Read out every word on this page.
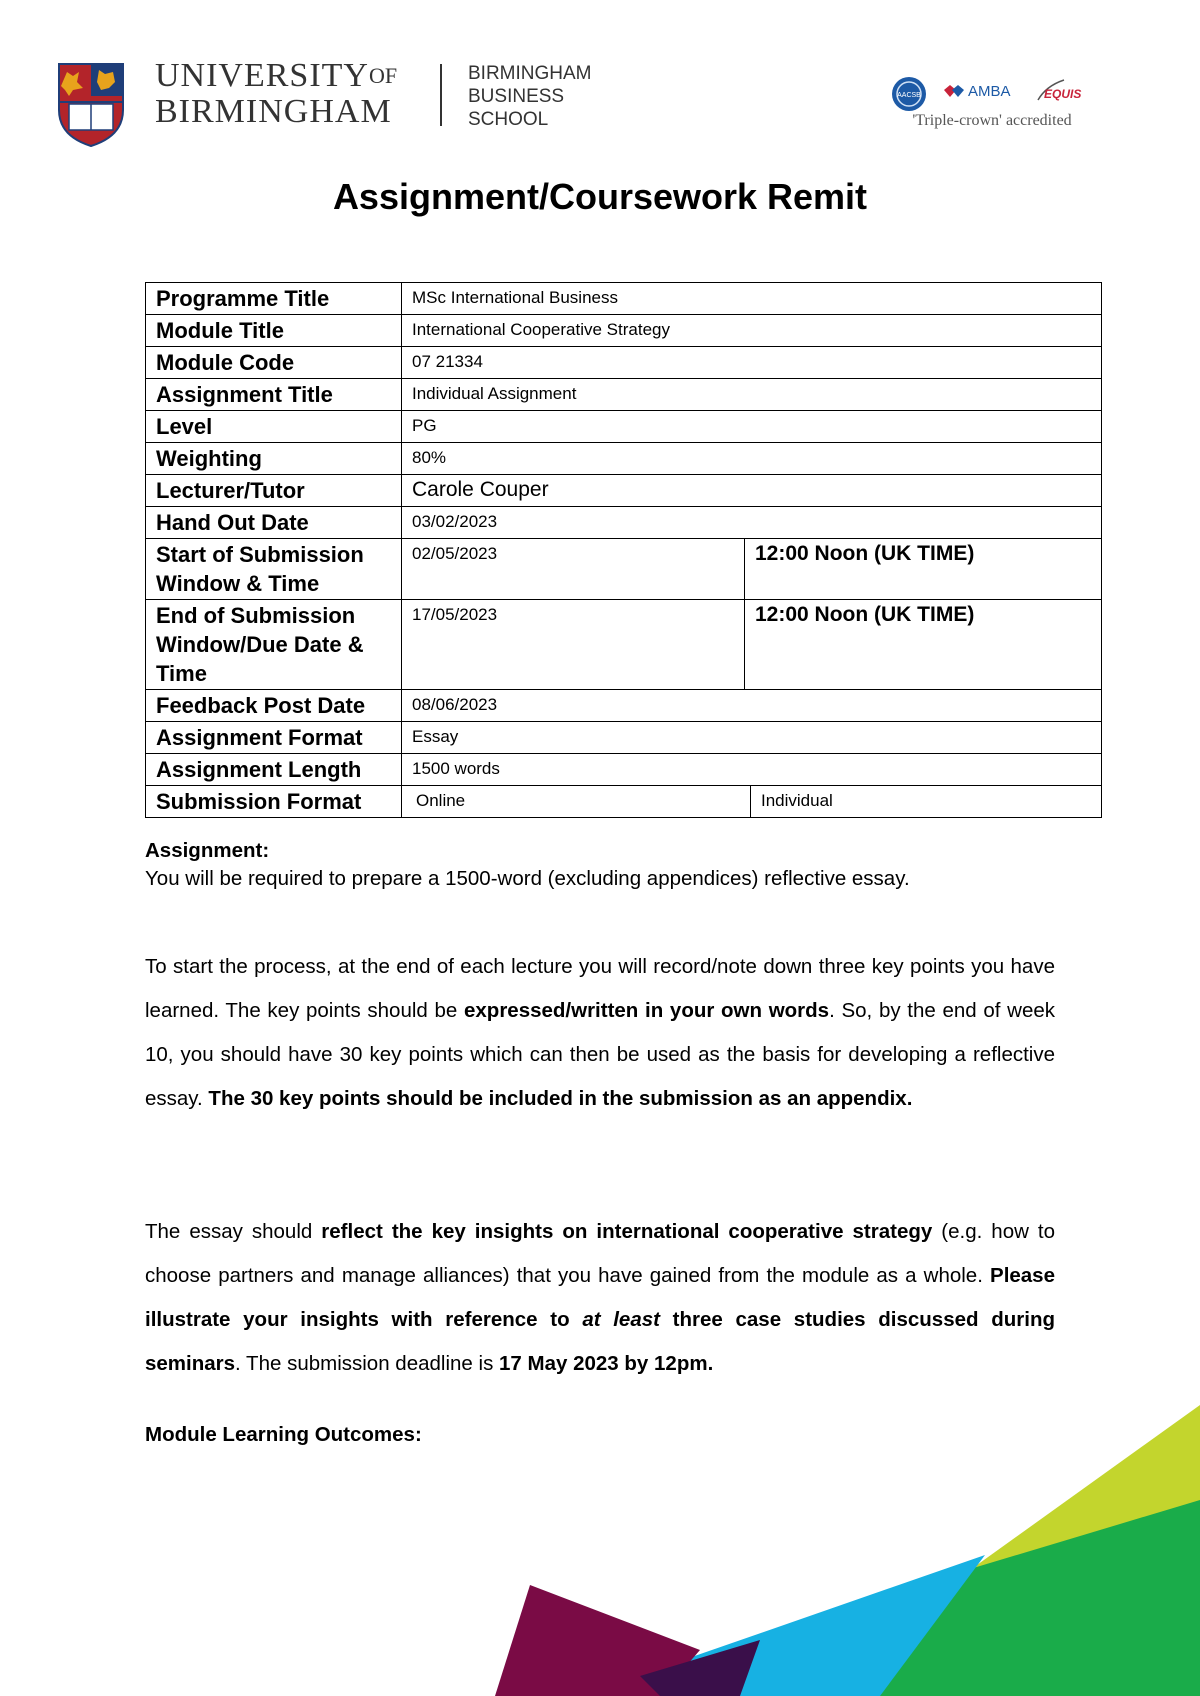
$UNIVERSITY^{OF}$
BIRMINGHAM
BIRMINGHAM
BUSINESS
SCHOOL
AACSB	AMBA	EQUIS
'Triple-crown' accredited
Assignment/Coursework Remit
Programme Title	MSc International Business		
Module Title	International Cooperative Strategy		
Module Code	07 21334		
Assignment Title	Individual Assignment		
Level	PG		
Weighting	80%		
Lecturer/Tutor	Carole Couper		
Hand Out Date	03/02/2023		
Start of Submission Window & Time	02/05/2023	12:00 Noon (UK TIME)	
End of Submission Window/Due Date & Time	17/05/2023	12:00 Noon (UK TIME)	
Feedback Post Date	08/06/2023		
Assignment Format	Essay		
Assignment Length	1500 words		
Submission Format	Online		Individual
Assignment:
You will be required to prepare a 1500-word (excluding appendices) reflective essay.
To start the process, at the end of each lecture you will record/note down three key points you have learned. The key points should be expressed/written in your own words. So, by the end of week 10, you should have 30 key points which can then be used as the basis for developing a reflective essay. The 30 key points should be included in the submission as an appendix.
The essay should reflect the key insights on international cooperative strategy (e.g. how to choose partners and manage alliances) that you have gained from the module as a whole. Please illustrate your insights with reference to at least three case studies discussed during seminars. The submission deadline is 17 May 2023 by 12pm.
Module Learning Outcomes:
